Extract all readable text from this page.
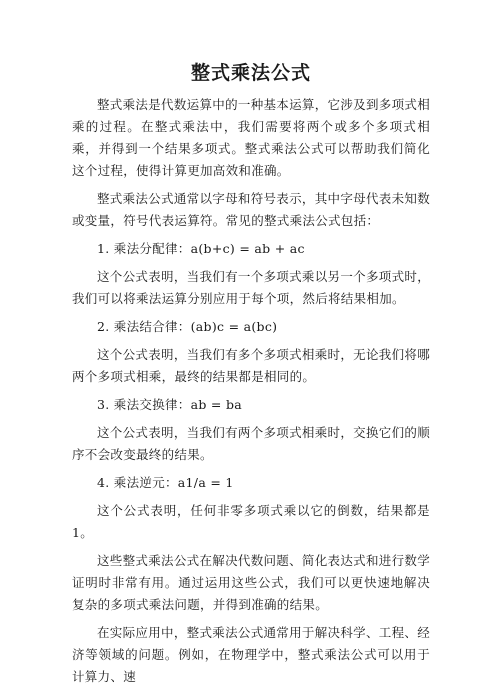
整式乘法公式

整式乘法是代数运算中的一种基本运算，它涉及到多项式相乘的过程。在整式乘法中，我们需要将两个或多个多项式相乘，并得到一个结果多项式。整式乘法公式可以帮助我们简化这个过程，使得计算更加高效和准确。

整式乘法公式通常以字母和符号表示，其中字母代表未知数或变量，符号代表运算符。常见的整式乘法公式包括：

1. 乘法分配律：a(b+c) = ab + ac

这个公式表明，当我们有一个多项式乘以另一个多项式时，我们可以将乘法运算分别应用于每个项，然后将结果相加。

2. 乘法结合律：(ab)c = a(bc)

这个公式表明，当我们有多个多项式相乘时，无论我们将哪两个多项式相乘，最终的结果都是相同的。

3. 乘法交换律：ab = ba

这个公式表明，当我们有两个多项式相乘时，交换它们的顺序不会改变最终的结果。

4. 乘法逆元：a1/a = 1

这个公式表明，任何非零多项式乘以它的倒数，结果都是1。

这些整式乘法公式在解决代数问题、简化表达式和进行数学证明时非常有用。通过运用这些公式，我们可以更快速地解决复杂的多项式乘法问题，并得到准确的结果。

在实际应用中，整式乘法公式通常用于解决科学、工程、经济等领域的问题。例如，在物理学中，整式乘法公式可以用于计算力、速
